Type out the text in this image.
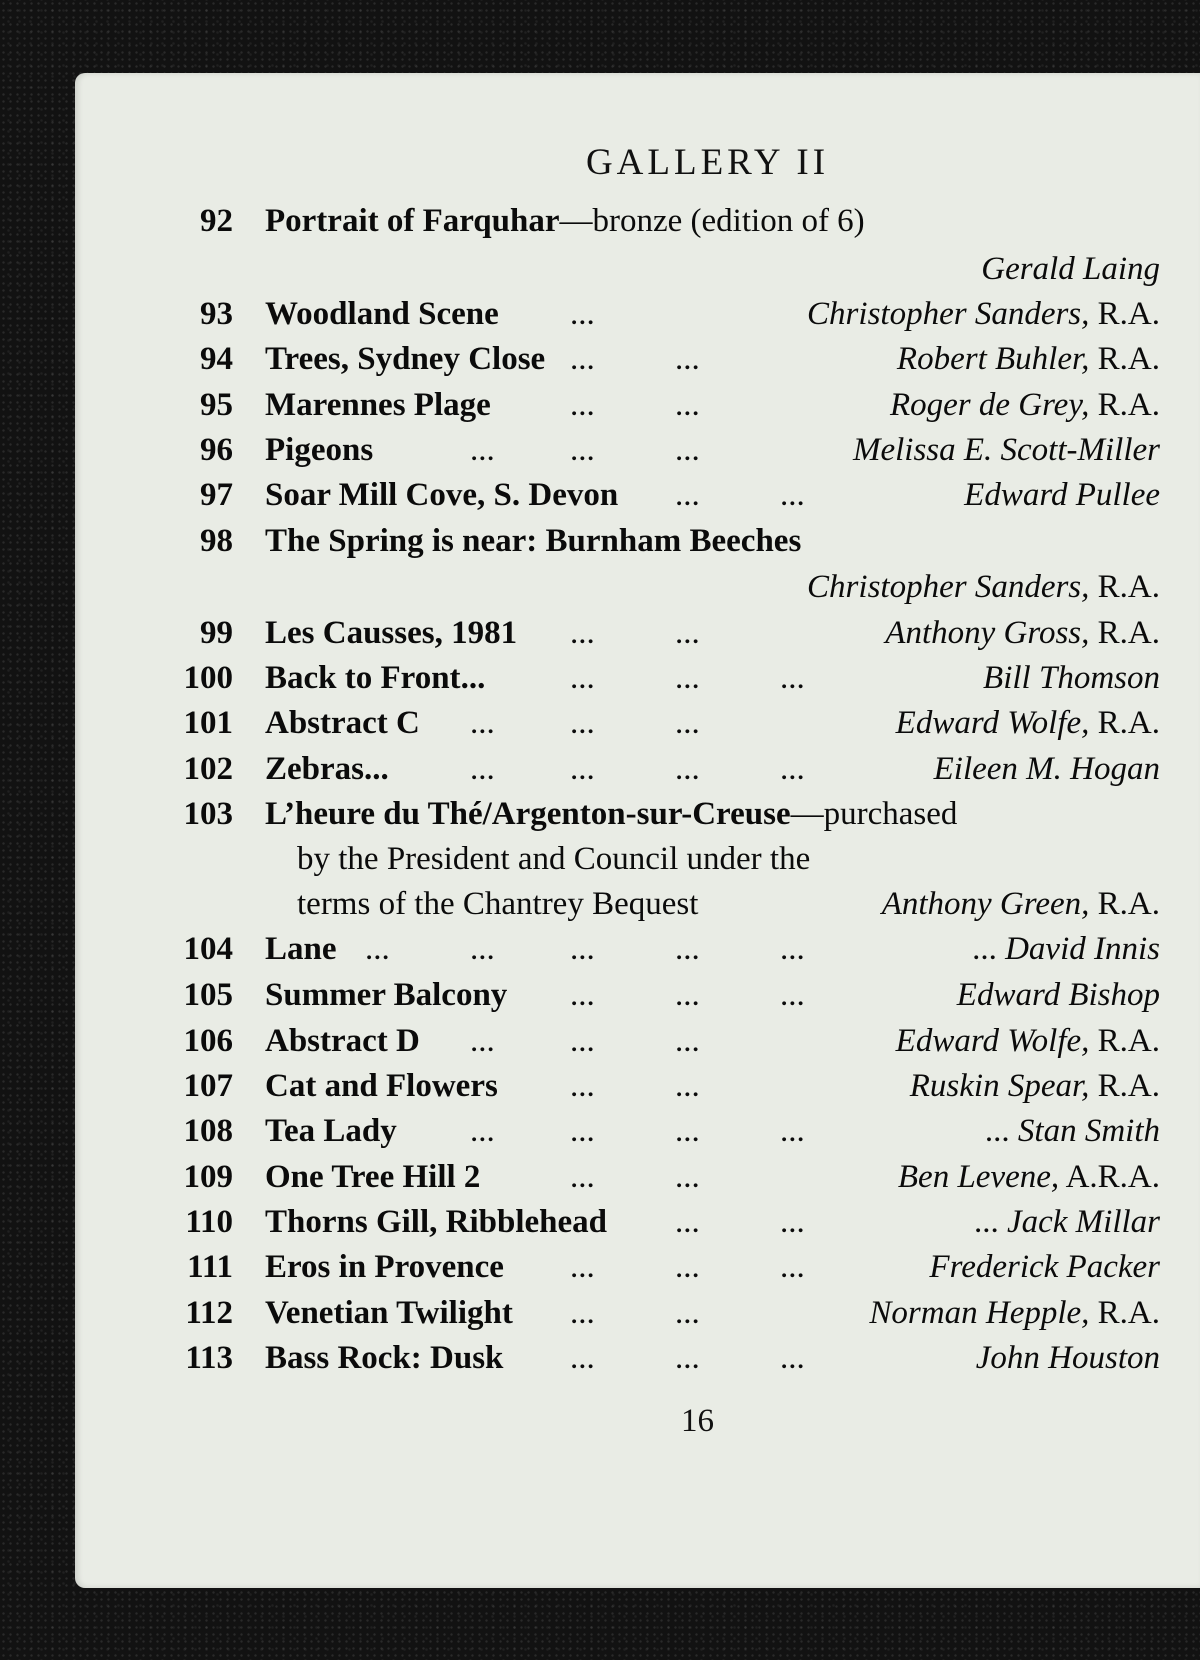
GALLERY II
92 Portrait of Farquhar—bronze (edition of 6)
Gerald Laing
93 Woodland Scene ...	Christopher Sanders, R.A.
94 Trees, Sydney Close ... ...	Robert Buhler, R.A.
95 Marennes Plage ... ...	Roger de Grey, R.A.
96 Pigeons	... ... ...	Melissa E. Scott-Miller
97 Soar Mill Cove, S. Devon ... ...	Edward Pullee
98 The Spring is near: Burnham Beeches
Christopher Sanders, R.A.
99 Les Causses, 1981 ... ...	Anthony Gross, R.A.
100 Back to Front...	... ... ...	Bill Thomson
101 Abstract C ... ... ...	Edward Wolfe, R.A.
102 Zebras... ... ... ... ...	Eileen M. Hogan
103 L’heure du Thé/Argenton-sur-Creuse—purchased
by the President and Council under the
terms of the Chantrey Bequest	Anthony Green, R.A.
104 Lane ... ... ... ... ...	... David Innis
105 Summer Balcony ... ... ...	Edward Bishop
106 Abstract D ... ... ...	Edward Wolfe, R.A.
107 Cat and Flowers ... ...	Ruskin Spear, R.A.
108 Tea Lady ... ... ... ...	... Stan Smith
109 One Tree Hill 2	... ...	Ben Levene, A.R.A.
110 Thorns Gill, Ribblehead ... ...	... Jack Millar
111 Eros in Provence ... ... ...	Frederick Packer
112 Venetian Twilight ... ...	Norman Hepple, R.A.
113 Bass Rock: Dusk ... ... ...	John Houston
16
